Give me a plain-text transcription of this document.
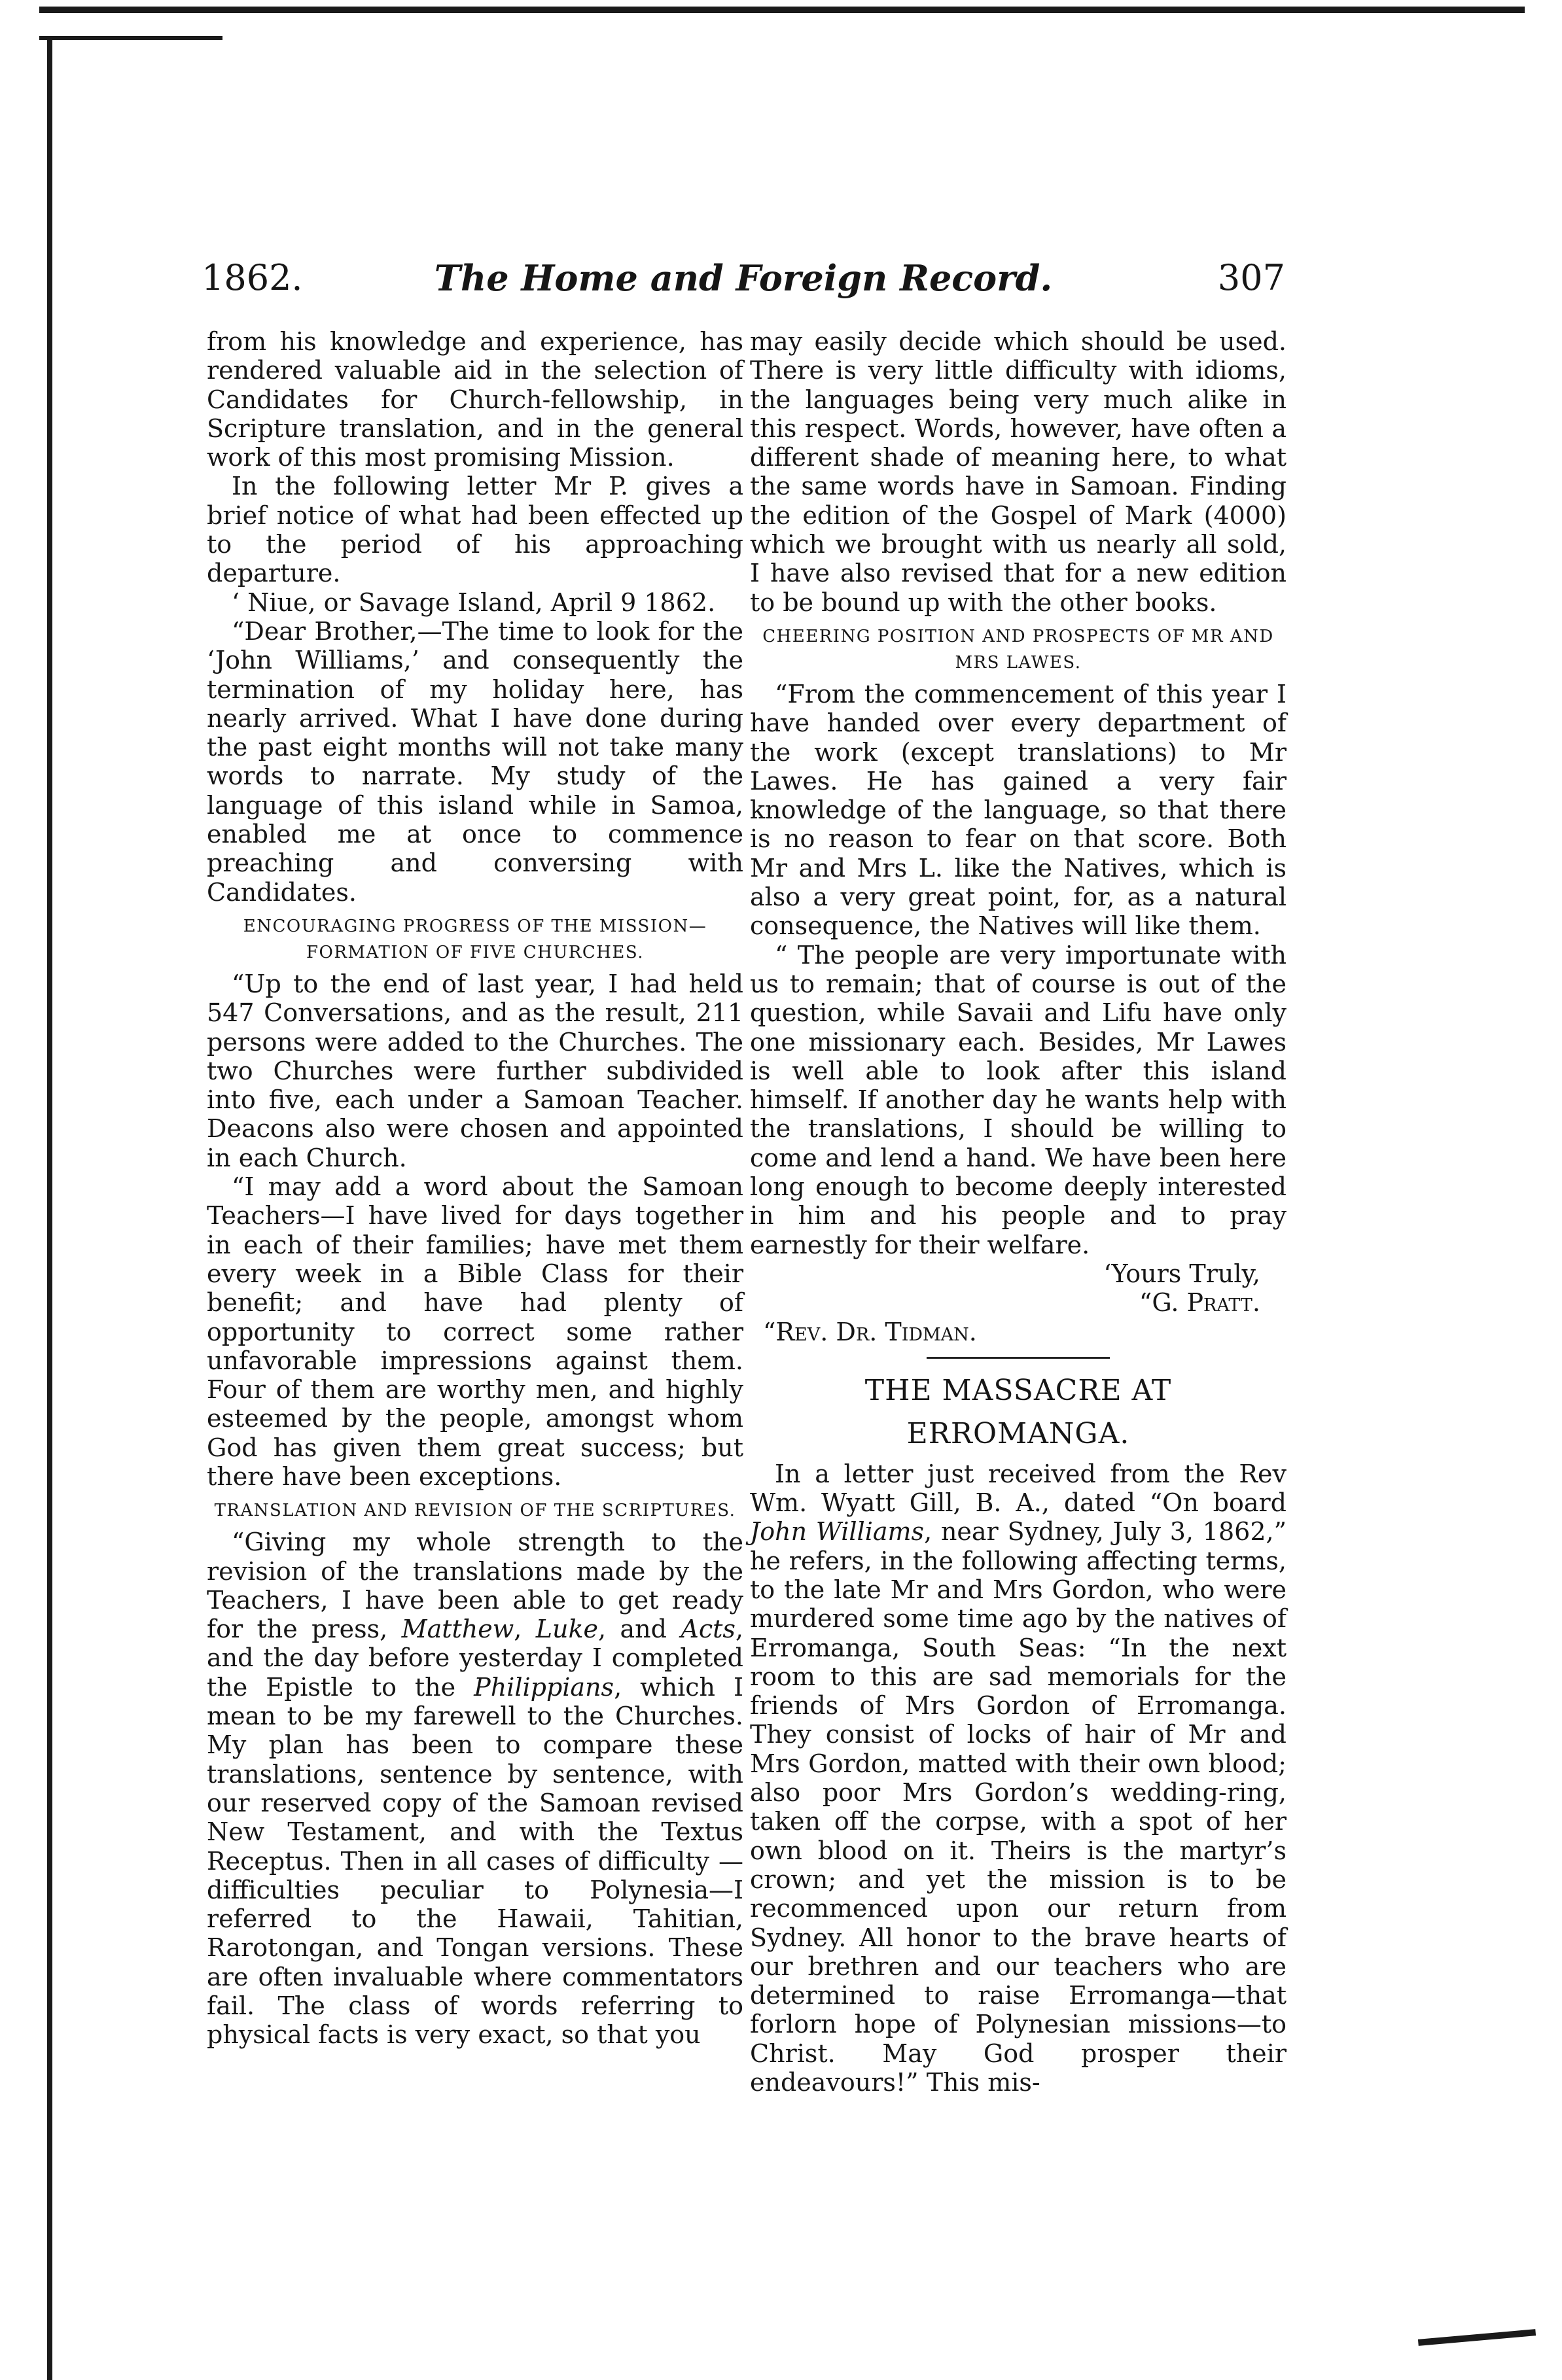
1862.	The Home and Foreign Record.	307

from his knowledge and experience, has rendered valuable aid in the selection of Candidates for Church-fellowship, in Scripture translation, and in the general work of this most promising Mission.

In the following letter Mr P. gives a brief notice of what had been effected up to the period of his approaching departure.

‘ Niue, or Savage Island, April 9 1862.

“Dear Brother,—The time to look for the ‘John Williams,’ and consequently the termination of my holiday here, has nearly arrived. What I have done during the past eight months will not take many words to narrate. My study of the language of this island while in Samoa, enabled me at once to commence preaching and conversing with Candidates.

ENCOURAGING PROGRESS OF THE MISSION— FORMATION OF FIVE CHURCHES.

“Up to the end of last year, I had held 547 Conversations, and as the result, 211 persons were added to the Churches. The two Churches were further subdivided into five, each under a Samoan Teacher. Deacons also were chosen and appointed in each Church.

“I may add a word about the Samoan Teachers—I have lived for days together in each of their families; have met them every week in a Bible Class for their benefit; and have had plenty of opportunity to correct some rather unfavorable impressions against them. Four of them are worthy men, and highly esteemed by the people, amongst whom God has given them great success; but there have been exceptions.

TRANSLATION AND REVISION OF THE SCRIPTURES.

“Giving my whole strength to the revision of the translations made by the Teachers, I have been able to get ready for the press, Matthew, Luke, and Acts, and the day before yesterday I completed the Epistle to the Philippians, which I mean to be my farewell to the Churches. My plan has been to compare these translations, sentence by sentence, with our reserved copy of the Samoan revised New Testament, and with the Textus Receptus. Then in all cases of difficulty —difficulties peculiar to Polynesia—I referred to the Hawaii, Tahitian, Rarotongan, and Tongan versions. These are often invaluable where commentators fail. The class of words referring to physical facts is very exact, so that you

may easily decide which should be used. There is very little difficulty with idioms, the languages being very much alike in this respect. Words, however, have often a different shade of meaning here, to what the same words have in Samoan. Finding the edition of the Gospel of Mark (4000) which we brought with us nearly all sold, I have also revised that for a new edition to be bound up with the other books.

CHEERING POSITION AND PROSPECTS OF MR AND MRS LAWES.

“From the commencement of this year I have handed over every department of the work (except translations) to Mr Lawes. He has gained a very fair knowledge of the language, so that there is no reason to fear on that score. Both Mr and Mrs L. like the Natives, which is also a very great point, for, as a natural consequence, the Natives will like them.

“ The people are very importunate with us to remain; that of course is out of the question, while Savaii and Lifu have only one missionary each. Besides, Mr Lawes is well able to look after this island himself. If another day he wants help with the translations, I should be willing to come and lend a hand. We have been here long enough to become deeply interested in him and his people and to pray earnestly for their welfare.

‘Yours Truly,

“G. Pratt.

“Rev. Dr. Tidman.

THE MASSACRE AT ERROMANGA.

In a letter just received from the Rev Wm. Wyatt Gill, B. A., dated “On board John Williams, near Sydney, July 3, 1862,” he refers, in the following affecting terms, to the late Mr and Mrs Gordon, who were murdered some time ago by the natives of Erromanga, South Seas: “In the next room to this are sad memorials for the friends of Mrs Gordon of Erromanga. They consist of locks of hair of Mr and Mrs Gordon, matted with their own blood; also poor Mrs Gordon’s wedding-ring, taken off the corpse, with a spot of her own blood on it. Theirs is the martyr’s crown; and yet the mission is to be recommenced upon our return from Sydney. All honor to the brave hearts of our brethren and our teachers who are determined to raise Erromanga—that forlorn hope of Polynesian missions—to Christ. May God prosper their endeavours!” This mis-
